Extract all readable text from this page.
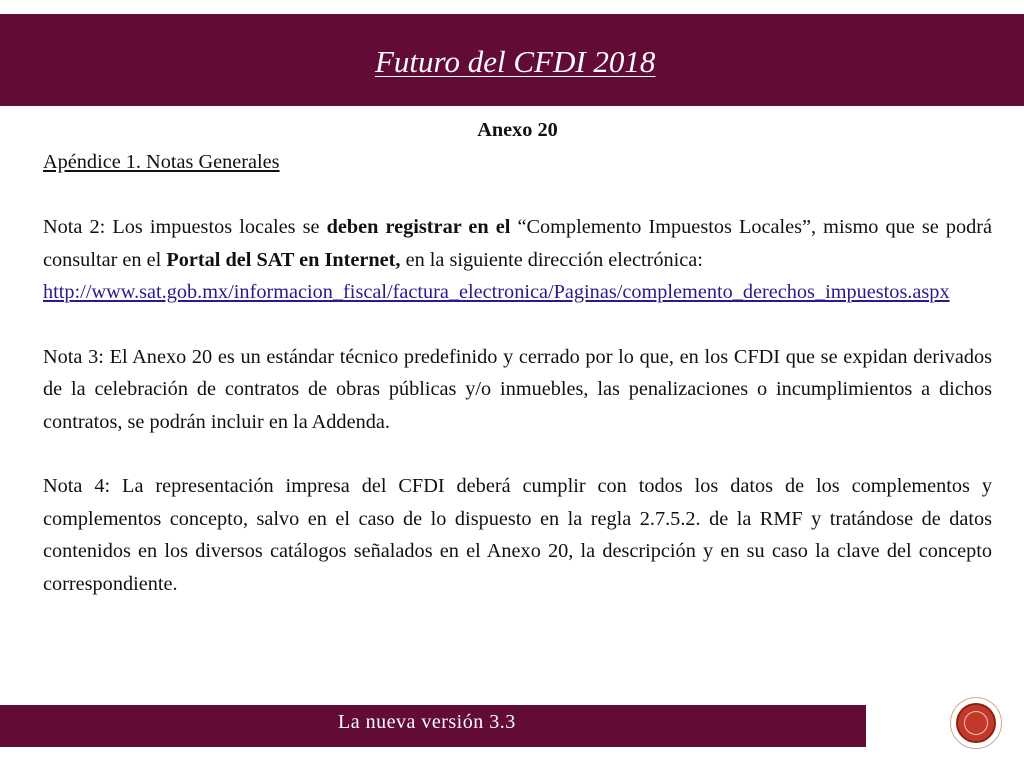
Futuro del CFDI 2018

Anexo 20

Apéndice 1. Notas Generales

Nota 2: Los impuestos locales se deben registrar en el “Complemento Impuestos Locales”, mismo que se podrá consultar en el Portal del SAT en Internet, en la siguiente dirección electrónica:

http://www.sat.gob.mx/informacion_fiscal/factura_electronica/Paginas/complemento_derechos_impuestos.aspx

Nota 3: El Anexo 20 es un estándar técnico predefinido y cerrado por lo que, en los CFDI que se expidan derivados de la celebración de contratos de obras públicas y/o inmuebles, las penalizaciones o incumplimientos a dichos contratos, se podrán incluir en la Addenda.

Nota 4: La representación impresa del CFDI deberá cumplir con todos los datos de los complementos y complementos concepto, salvo en el caso de lo dispuesto en la regla 2.7.5.2. de la RMF y tratándose de datos contenidos en los diversos catálogos señalados en el Anexo 20, la descripción y en su caso la clave del concepto correspondiente.

La nueva versión 3.3
